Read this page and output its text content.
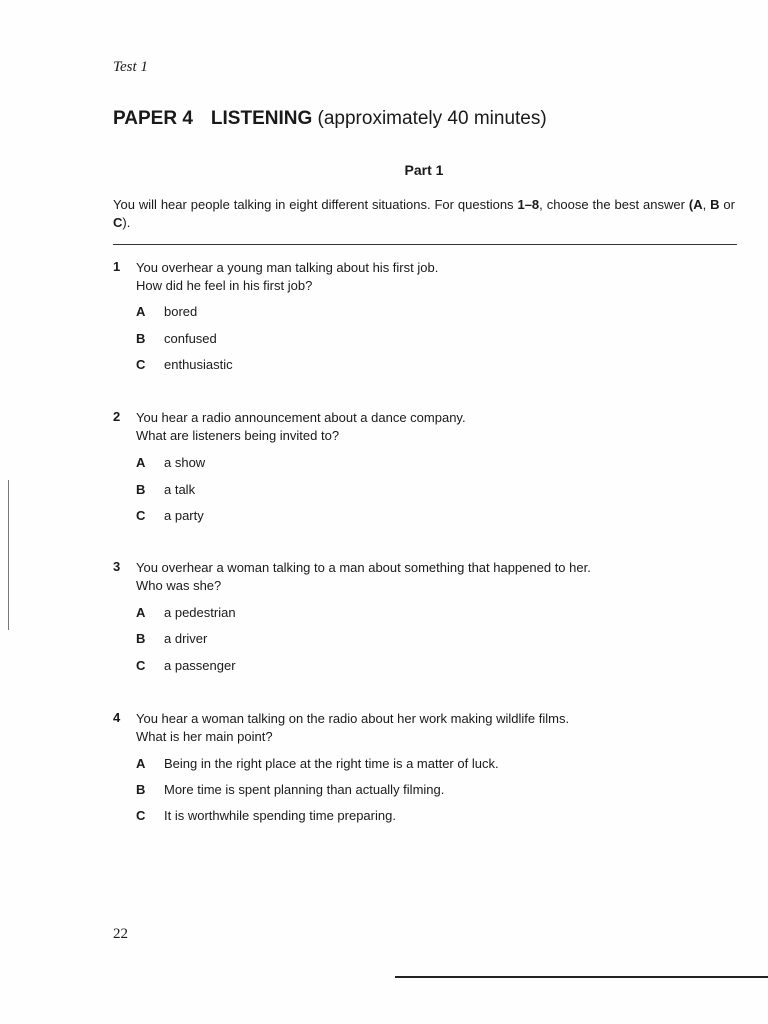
Test 1
PAPER 4 LISTENING (approximately 40 minutes)
Part 1
You will hear people talking in eight different situations. For questions 1–8, choose the best answer (A, B or C).
1 You overhear a young man talking about his first job.
How did he feel in his first job?
A bored
B confused
C enthusiastic
2 You hear a radio announcement about a dance company.
What are listeners being invited to?
A a show
B a talk
C a party
3 You overhear a woman talking to a man about something that happened to her.
Who was she?
A a pedestrian
B a driver
C a passenger
4 You hear a woman talking on the radio about her work making wildlife films.
What is her main point?
A Being in the right place at the right time is a matter of luck.
B More time is spent planning than actually filming.
C It is worthwhile spending time preparing.
22
